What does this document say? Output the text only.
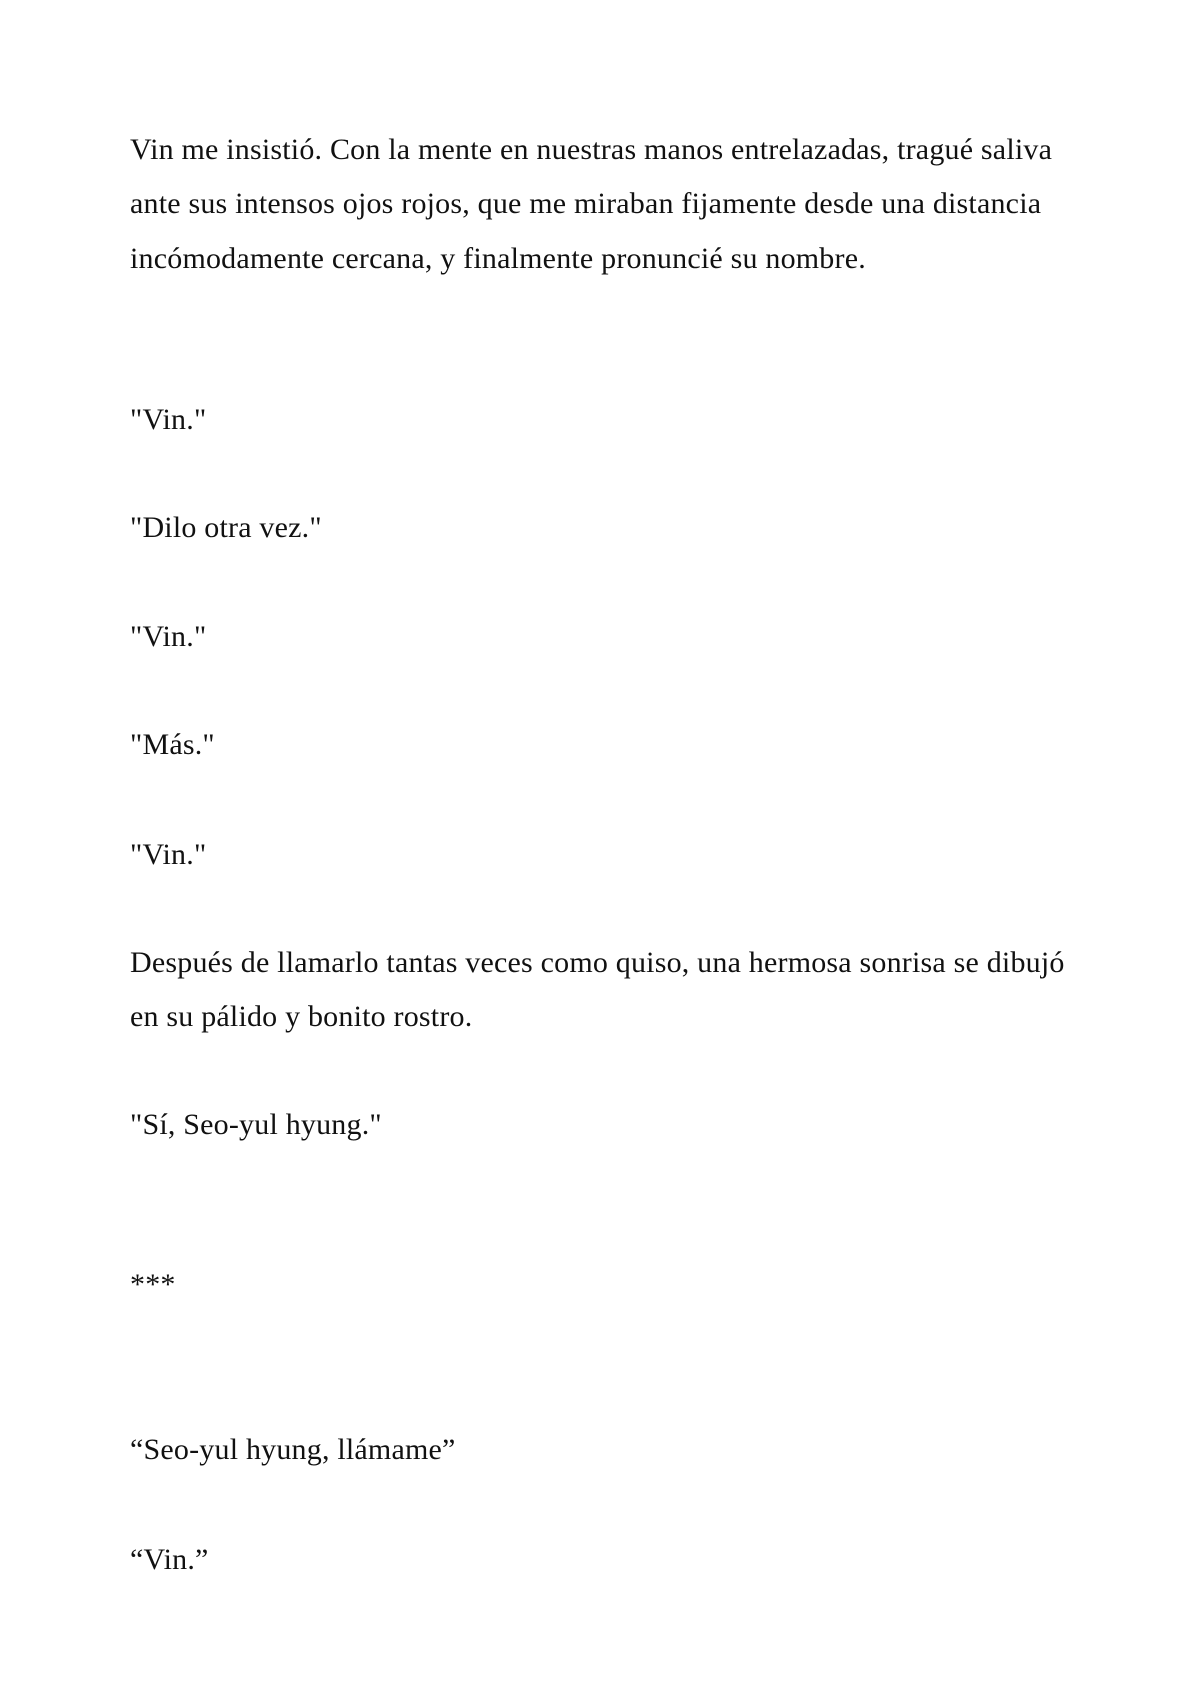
Vin me insistió. Con la mente en nuestras manos entrelazadas, tragué saliva ante sus intensos ojos rojos, que me miraban fijamente desde una distancia incómodamente cercana, y finalmente pronuncié su nombre.

"Vin."

"Dilo otra vez."

"Vin."

"Más."

"Vin."

Después de llamarlo tantas veces como quiso, una hermosa sonrisa se dibujó en su pálido y bonito rostro.

"Sí, Seo-yul hyung."

***

“Seo-yul hyung, llámame”

“Vin.”
